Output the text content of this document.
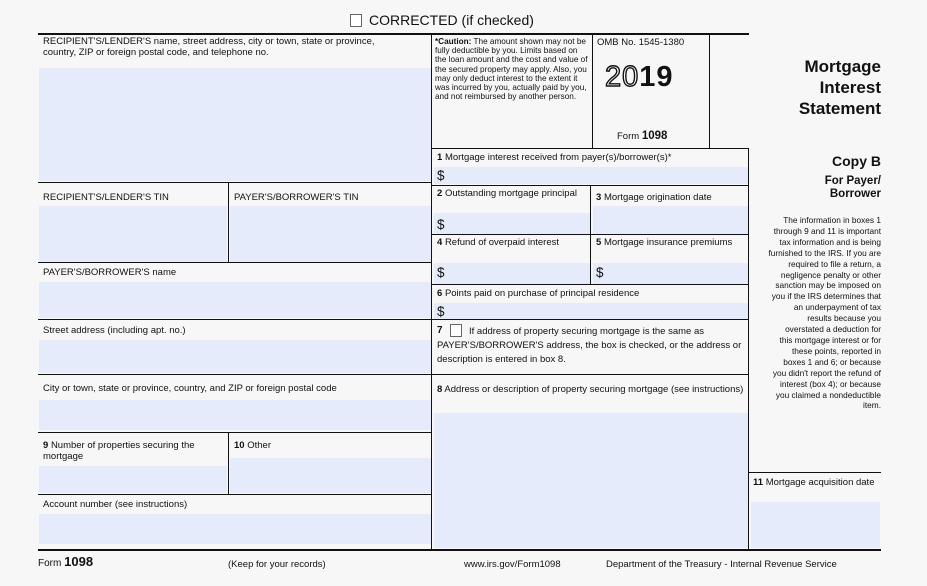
CORRECTED (if checked)
RECIPIENT'S/LENDER'S name, street address, city or town, state or province, country, ZIP or foreign postal code, and telephone no.
RECIPIENT'S/LENDER'S TIN	PAYER'S/BORROWER'S TIN
PAYER'S/BORROWER'S name
Street address (including apt. no.)
City or town, state or province, country, and ZIP or foreign postal code
9 Number of properties securing the mortgage
10 Other
Account number (see instructions)
*Caution: The amount shown may not be fully deductible by you. Limits based on the loan amount and the cost and value of the secured property may apply. Also, you may only deduct interest to the extent it was incurred by you, actually paid by you, and not reimbursed by another person.
OMB No. 1545-1380
2019
Form 1098
Mortgage
Interest
Statement
1 Mortgage interest received from payer(s)/borrower(s)*
$
2 Outstanding mortgage principal
$
3 Mortgage origination date
4 Refund of overpaid interest
$
5 Mortgage insurance premiums
$
6 Points paid on purchase of principal residence
$
7	If address of property securing mortgage is the same as PAYER'S/BORROWER'S address, the box is checked, or the address or description is entered in box 8.
8 Address or description of property securing mortgage (see instructions)
Copy B
For Payer/
Borrower
The information in boxes 1
through 9 and 11 is important
tax information and is being
furnished to the IRS. If you are
required to file a return, a
negligence penalty or other
sanction may be imposed on
you if the IRS determines that
an underpayment of tax
results because you
overstated a deduction for
this mortgage interest or for
these points, reported in
boxes 1 and 6; or because
you didn't report the refund of
interest (box 4); or because
you claimed a nondeductible
item.
11 Mortgage acquisition date
Form 1098	(Keep for your records)	www.irs.gov/Form1098	Department of the Treasury - Internal Revenue Service
